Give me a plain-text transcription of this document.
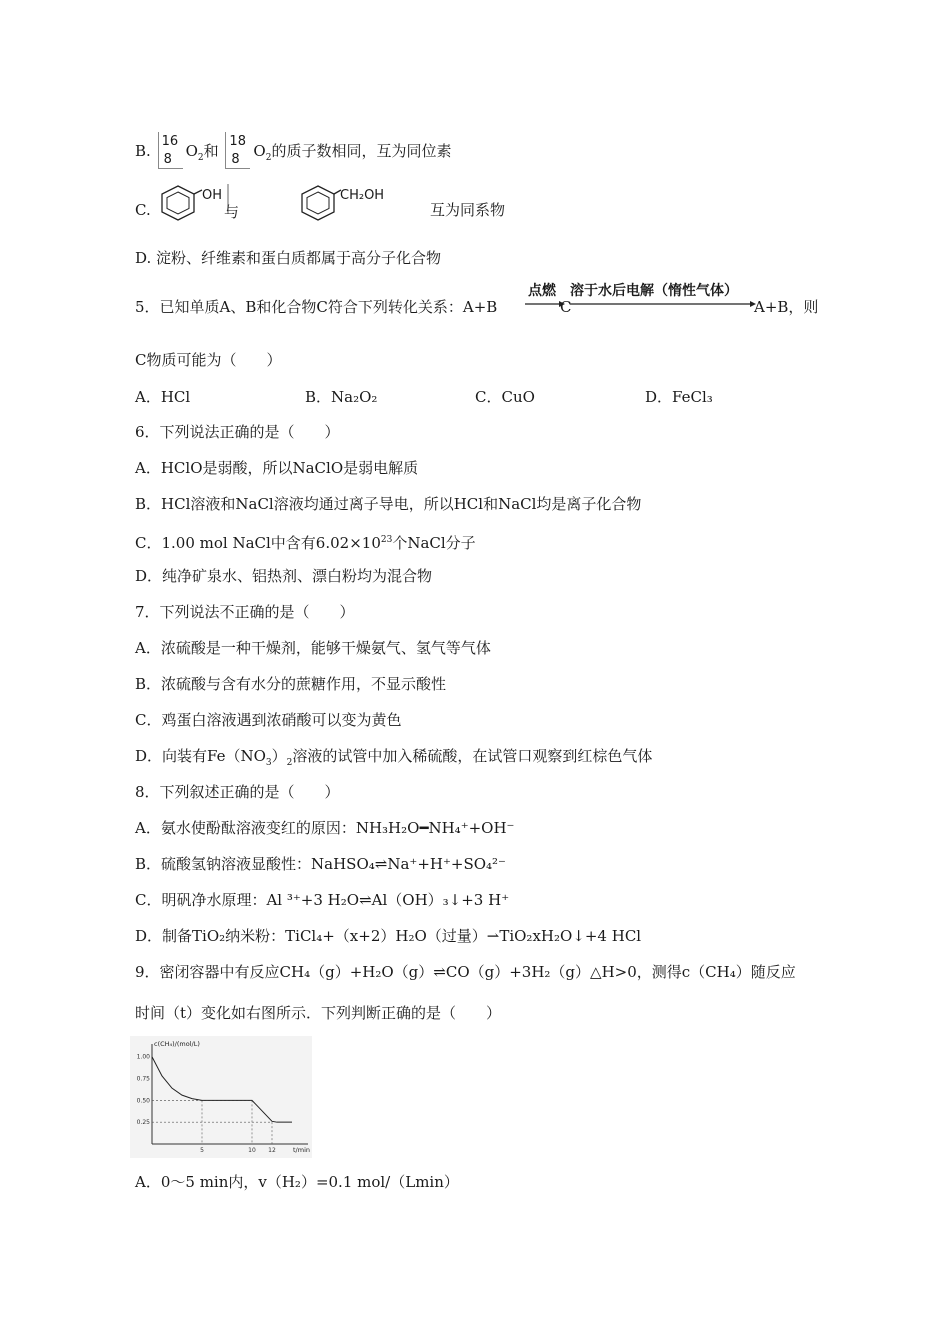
B.
16
8 $O_2$和
18
8 $O_2$的质子数相同，互为同位素
C.
OH
与
CH₂OH
互为同系物
D. 淀粉、纤维素和蛋白质都属于高分子化合物
5．已知单质A、B和化合物C符合下列转化关系：A+B
点燃
C
溶于水后电解（惰性气体）
A+B，则
C物质可能为（　　）
A．HCl	B．Na₂O₂	C．CuO	D．FeCl₃
6．下列说法正确的是（　　）
A．HClO是弱酸，所以NaClO是弱电解质
B．HCl溶液和NaCl溶液均通过离子导电，所以HCl和NaCl均是离子化合物
C．1.00 mol NaCl中含有$6.02\times 10^{23}$个NaCl分子
D．纯净矿泉水、铝热剂、漂白粉均为混合物
7．下列说法不正确的是（　　）
A．浓硫酸是一种干燥剂，能够干燥氨气、氢气等气体
B．浓硫酸与含有水分的蔗糖作用，不显示酸性
C．鸡蛋白溶液遇到浓硝酸可以变为黄色
D．向装有$Fe(NO_3)_2$溶液的试管中加入稀硫酸，在试管口观察到红棕色气体
8．下列叙述正确的是（　　）
A．氨水使酚酞溶液变红的原因：NH₃H₂O━NH₄⁺+OH⁻
B．硫酸氢钠溶液显酸性：NaHSO₄⇌Na⁺+H⁺+SO₄²⁻
C．明矾净水原理：Al ³⁺+3 H₂O⇌Al（OH）₃↓+3 H⁺
D．制备TiO₂纳米粉：TiCl₄+（x+2）H₂O（过量）⇀TiO₂xH₂O↓+4 HCl
9．密闭容器中有反应CH₄（g）+H₂O（g）⇌CO（g）+3H₂（g）△H>0，测得c（CH₄）随反应
时间（t）变化如右图所示．下列判断正确的是（　　）
1.00
0.75
0.50
0.25
5	10 12
c(CH₄)/(mol/L)
t/min
A．0～5 min内，v（H₂）=0.1 mol/（Lmin）
